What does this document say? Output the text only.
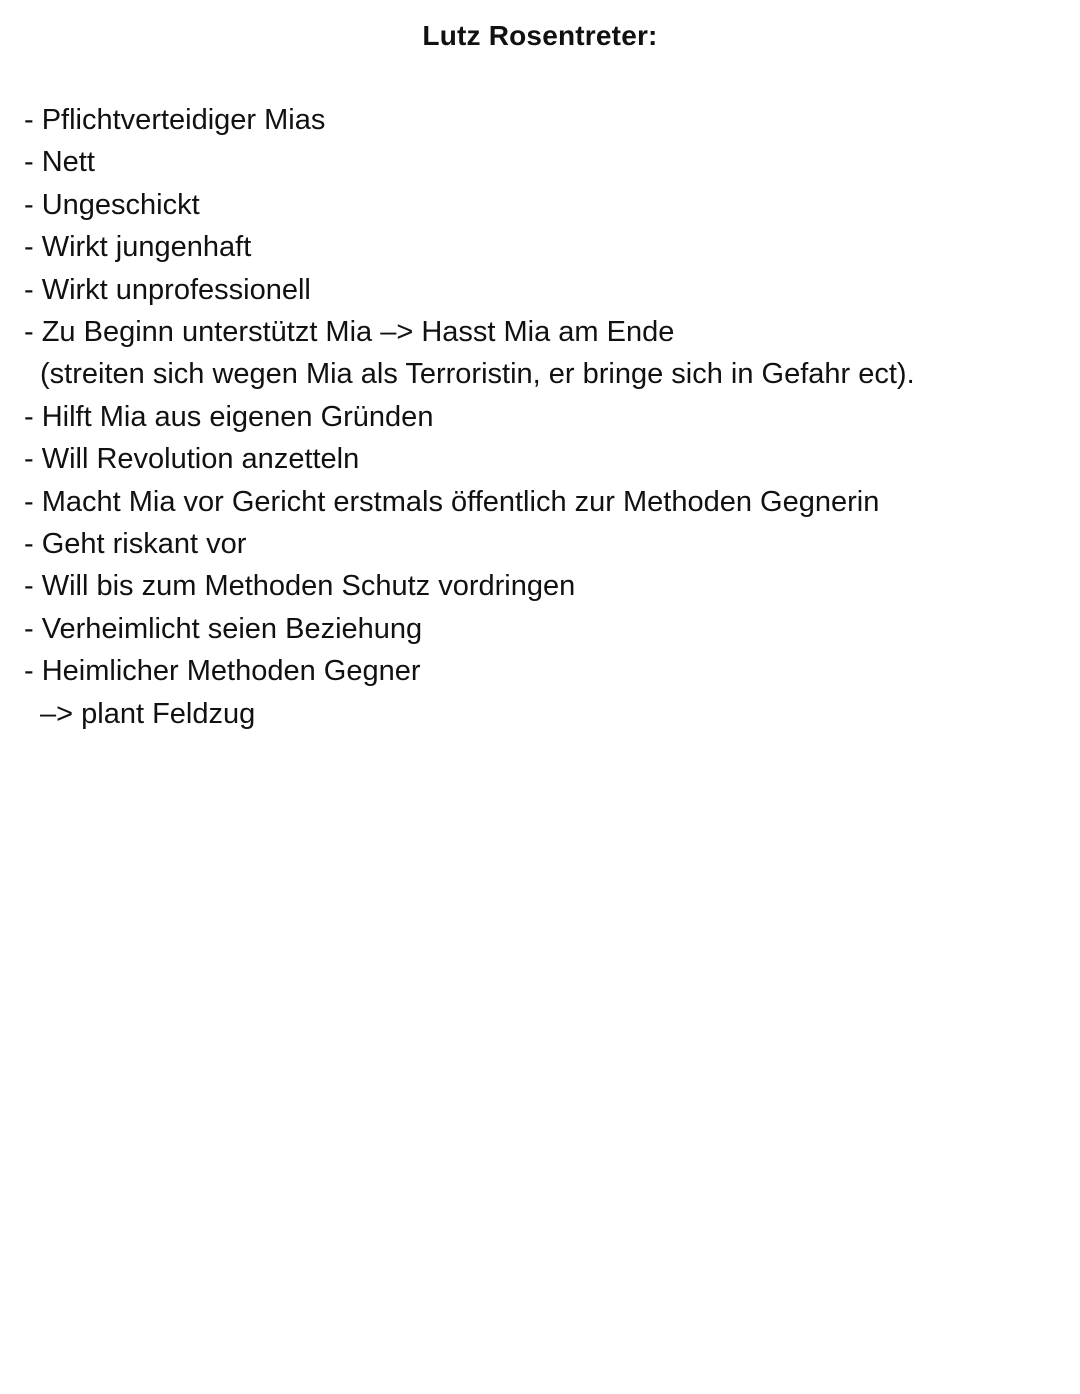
Lutz Rosentreter:
- Pflichtverteidiger Mias
- Nett
- Ungeschickt
- Wirkt jungenhaft
- Wirkt unprofessionell
- Zu Beginn unterstützt Mia –> Hasst Mia am Ende
(streiten sich wegen Mia als Terroristin, er bringe sich in Gefahr ect).
- Hilft Mia aus eigenen Gründen
- Will Revolution anzetteln
- Macht Mia vor Gericht erstmals öffentlich zur Methoden Gegnerin
- Geht riskant vor
- Will bis zum Methoden Schutz vordringen
- Verheimlicht seien Beziehung
- Heimlicher Methoden Gegner
–> plant Feldzug
